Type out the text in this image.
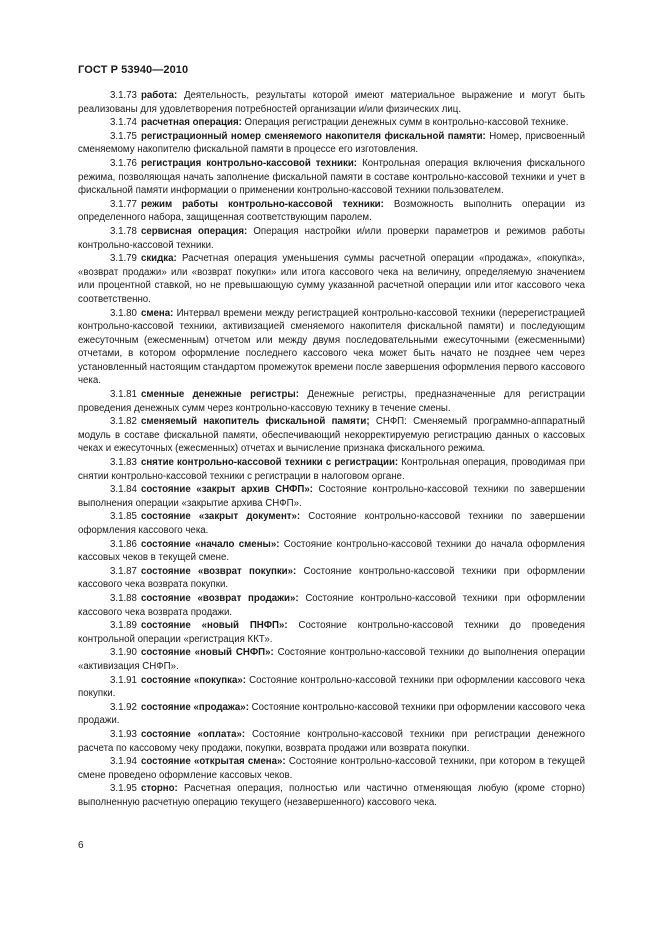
ГОСТ Р 53940—2010

3.1.73 работа: Деятельность, результаты которой имеют материальное выражение и могут быть реализованы для удовлетворения потребностей организации и/или физических лиц.

3.1.74 расчетная операция: Операция регистрации денежных сумм в контрольно-кассовой технике.

3.1.75 регистрационный номер сменяемого накопителя фискальной памяти: Номер, присвоенный сменяемому накопителю фискальной памяти в процессе его изготовления.

3.1.76 регистрация контрольно-кассовой техники: Контрольная операция включения фискального режима, позволяющая начать заполнение фискальной памяти в составе контрольно-кассовой техники и учет в фискальной памяти информации о применении контрольно-кассовой техники пользователем.

3.1.77 режим работы контрольно-кассовой техники: Возможность выполнить операции из определенного набора, защищенная соответствующим паролем.

3.1.78 сервисная операция: Операция настройки и/или проверки параметров и режимов работы контрольно-кассовой техники.

3.1.79 скидка: Расчетная операция уменьшения суммы расчетной операции «продажа», «покупка», «возврат продажи» или «возврат покупки» или итога кассового чека на величину, определяемую значением или процентной ставкой, но не превышающую сумму указанной расчетной операции или итог кассового чека соответственно.

3.1.80 смена: Интервал времени между регистрацией контрольно-кассовой техники (перерегистрацией контрольно-кассовой техники, активизацией сменяемого накопителя фискальной памяти) и последующим ежесуточным (ежесменным) отчетом или между двумя последовательными ежесуточными (ежесменными) отчетами, в котором оформление последнего кассового чека может быть начато не позднее чем через установленный настоящим стандартом промежуток времени после завершения оформления первого кассового чека.

3.1.81 сменные денежные регистры: Денежные регистры, предназначенные для регистрации проведения денежных сумм через контрольно-кассовую технику в течение смены.

3.1.82 сменяемый накопитель фискальной памяти; СНФП: Сменяемый программно-аппаратный модуль в составе фискальной памяти, обеспечивающий некорректируемую регистрацию данных о кассовых чеках и ежесуточных (ежесменных) отчетах и вычисление признака фискального режима.

3.1.83 снятие контрольно-кассовой техники с регистрации: Контрольная операция, проводимая при снятии контрольно-кассовой техники с регистрации в налоговом органе.

3.1.84 состояние «закрыт архив СНФП»: Состояние контрольно-кассовой техники по завершении выполнения операции «закрытие архива СНФП».

3.1.85 состояние «закрыт документ»: Состояние контрольно-кассовой техники по завершении оформления кассового чека.

3.1.86 состояние «начало смены»: Состояние контрольно-кассовой техники до начала оформления кассовых чеков в текущей смене.

3.1.87 состояние «возврат покупки»: Состояние контрольно-кассовой техники при оформлении кассового чека возврата покупки.

3.1.88 состояние «возврат продажи»: Состояние контрольно-кассовой техники при оформлении кассового чека возврата продажи.

3.1.89 состояние «новый ПНФП»: Состояние контрольно-кассовой техники до проведения контрольной операции «регистрация ККТ».

3.1.90 состояние «новый СНФП»: Состояние контрольно-кассовой техники до выполнения операции «активизация СНФП».

3.1.91 состояние «покупка»: Состояние контрольно-кассовой техники при оформлении кассового чека покупки.

3.1.92 состояние «продажа»: Состояние контрольно-кассовой техники при оформлении кассового чека продажи.

3.1.93 состояние «оплата»: Состояние контрольно-кассовой техники при регистрации денежного расчета по кассовому чеку продажи, покупки, возврата продажи или возврата покупки.

3.1.94 состояние «открытая смена»: Состояние контрольно-кассовой техники, при котором в текущей смене проведено оформление кассовых чеков.

3.1.95 сторно: Расчетная операция, полностью или частично отменяющая любую (кроме сторно) выполненную расчетную операцию текущего (незавершенного) кассового чека.

6
